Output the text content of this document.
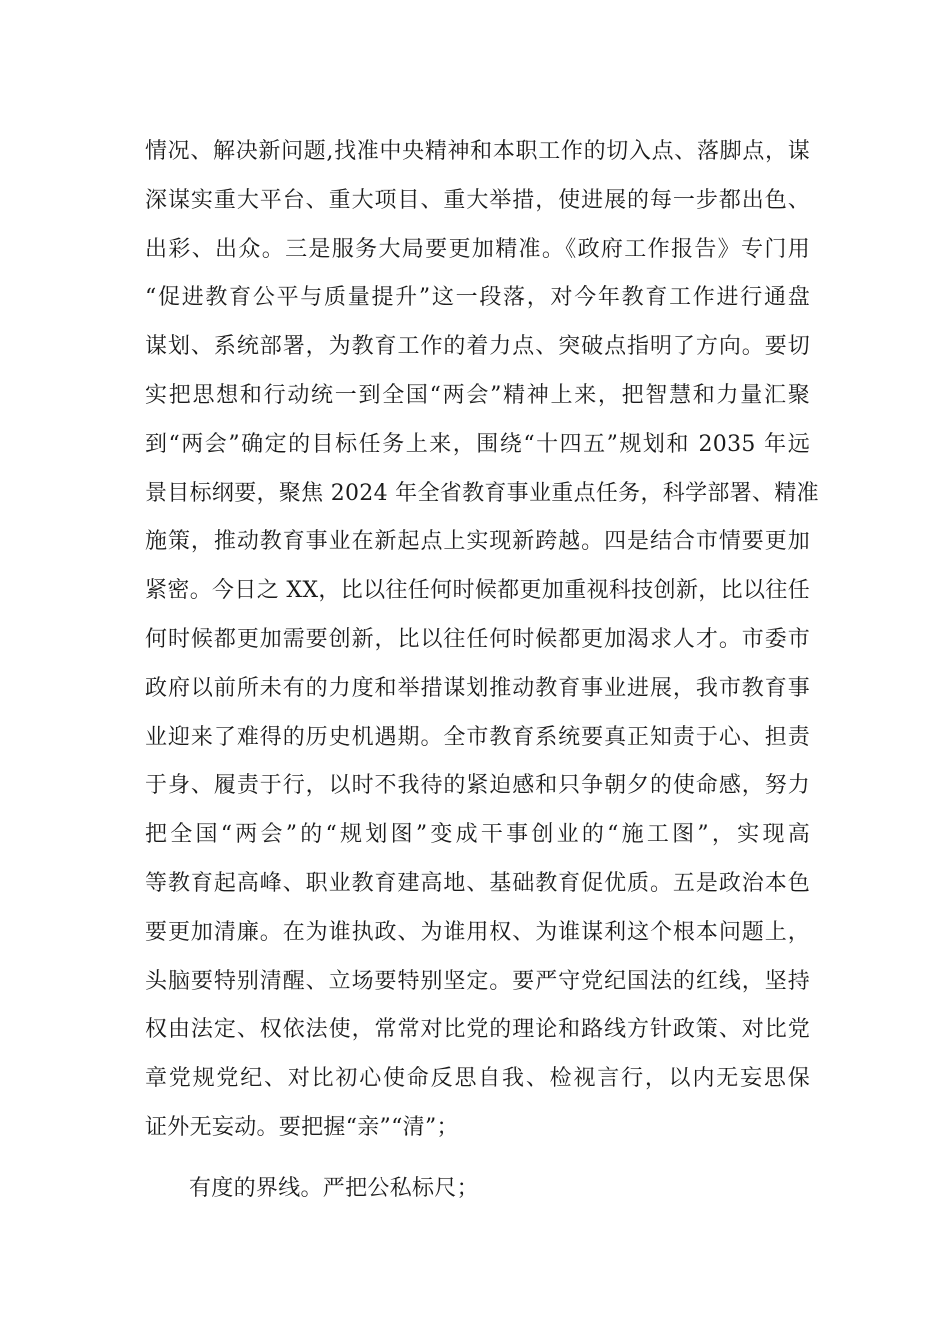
情况、解决新问题,找准中央精神和本职工作的切入点、落脚点，谋
深谋实重大平台、重大项目、重大举措，使进展的每一步都出色、
出彩、出众。三是服务大局要更加精准。《政府工作报告》专门用
“促进教育公平与质量提升”这一段落，对今年教育工作进行通盘
谋划、系统部署，为教育工作的着力点、突破点指明了方向。要切
实把思想和行动统一到全国“两会”精神上来，把智慧和力量汇聚
到“两会”确定的目标任务上来，围绕“十四五”规划和 2035 年远
景目标纲要，聚焦 2024 年全省教育事业重点任务，科学部署、精准
施策，推动教育事业在新起点上实现新跨越。四是结合市情要更加
紧密。今日之 XX，比以往任何时候都更加重视科技创新，比以往任
何时候都更加需要创新，比以往任何时候都更加渴求人才。市委市
政府以前所未有的力度和举措谋划推动教育事业进展，我市教育事
业迎来了难得的历史机遇期。全市教育系统要真正知责于心、担责
于身、履责于行，以时不我待的紧迫感和只争朝夕的使命感，努力
把全国“两会”的“规划图”变成干事创业的“施工图”，实现高
等教育起高峰、职业教育建高地、基础教育促优质。五是政治本色
要更加清廉。在为谁执政、为谁用权、为谁谋利这个根本问题上，
头脑要特别清醒、立场要特别坚定。要严守党纪国法的红线，坚持
权由法定、权依法使，常常对比党的理论和路线方针政策、对比党
章党规党纪、对比初心使命反思自我、检视言行，以内无妄思保
证外无妄动。要把握“亲”“清”；
有度的界线。严把公私标尺；
